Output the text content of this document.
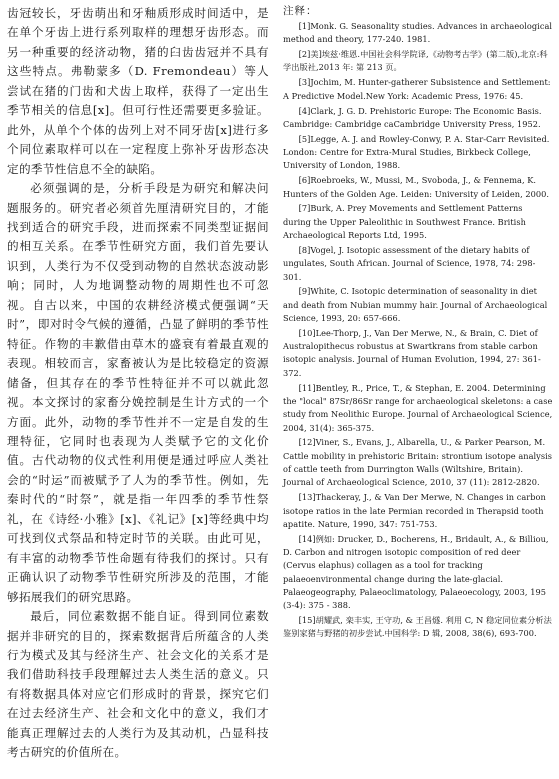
齿冠较长，牙齿萌出和牙釉质形成时间适中，是在单个牙齿上进行系列取样的理想牙齿形态。而另一种重要的经济动物，猪的臼齿齿冠并不具有这些特点。弗勒蒙多（D. Fremondeau）等人尝试在猪的门齿和犬齿上取样，获得了一定出生季节相关的信息[x]。但可行性还需要更多验证。此外，从单个个体的齿列上对不同牙齿[x]进行多个同位素取样可以在一定程度上弥补牙齿形态决定的季节性信息不全的缺陷。

必须强调的是，分析手段是为研究和解决问题服务的。研究者必须首先厘清研究目的，才能找到适合的研究手段，进而探索不同类型证据间的相互关系。在季节性研究方面，我们首先要认识到，人类行为不仅受到动物的自然状态波动影响；同时，人为地调整动物的周期性也不可忽视。自古以来，中国的农耕经济模式便强调“天时”，即对时令气候的遵循，凸显了鲜明的季节性特征。作物的丰歉借由草木的盛衰有着最直观的表现。相较而言，家畜被认为是比较稳定的资源储备，但其存在的季节性特征并不可以就此忽视。本文探讨的家畜分娩控制是生计方式的一个方面。此外，动物的季节性并不一定是自发的生理特征，它同时也表现为人类赋予它的文化价值。古代动物的仪式性利用便是通过呼应人类社会的“时运”而被赋予了人为的季节性。例如，先秦时代的“时祭”，就是指一年四季的季节性祭礼，在《诗经·小雅》[x]、《礼记》[x]等经典中均可找到仪式祭品和特定时节的关联。由此可见，有丰富的动物季节性命题有待我们的探讨。只有正确认识了动物季节性研究所涉及的范围，才能够拓展我们的研究思路。

最后，同位素数据不能自证。得到同位素数据并非研究的目的，探索数据背后所蕴含的人类行为模式及其与经济生产、社会文化的关系才是我们借助科技手段理解过去人类生活的意义。只有将数据具体对应它们形成时的背景，探究它们在过去经济生产、社会和文化中的意义，我们才能真正理解过去的人类行为及其动机，凸显科技考古研究的价值所在。

注释：

[1]Monk. G. Seasonality studies. Advances in archaeological method and theory, 177-240. 1981.

[2]美]埃兹·维恩.中国社会科学院译,《动物考古学》(第二版),北京:科学出版社,2013 年: 第 213 页。

[3]Jochim, M. Hunter-gatherer Subsistence and Settlement: A Predictive Model.New York: Academic Press, 1976: 45.

[4]Clark, J. G. D. Prehistoric Europe: The Economic Basis. Cambridge: Cambridge caCambridge University Press, 1952.

[5]Legge, A. J. and Rowley-Conwy, P. A. Star-Carr Revisited. London: Centre for Extra-Mural Studies, Birkbeck College, University of London, 1988.

[6]Roebroeks, W., Mussi, M., Svoboda, J., & Fennema, K. Hunters of the Golden Age. Leiden: University of Leiden, 2000.

[7]Burk, A. Prey Movements and Settlement Patterns during the Upper Paleolithic in Southwest France. British Archaeological Reports Ltd, 1995.

[8]Vogel, J. Isotopic assessment of the dietary habits of ungulates, South African. Journal of Science, 1978, 74: 298-301.

[9]White, C. Isotopic determination of seasonality in diet and death from Nubian mummy hair. Journal of Archaeological Science, 1993, 20: 657-666.

[10]Lee-Thorp, J., Van Der Merwe, N., & Brain, C. Diet of Australopithecus robustus at Swartkrans from stable carbon isotopic analysis. Journal of Human Evolution, 1994, 27: 361-372.

[11]Bentley, R., Price, T., & Stephan, E. 2004. Determining the "local" 87Sr/86Sr range for archaeological skeletons: a case study from Neolithic Europe. Journal of Archaeological Science, 2004, 31(4): 365-375.

[12]Viner, S., Evans, J., Albarella, U., & Parker Pearson, M. Cattle mobility in prehistoric Britain: strontium isotope analysis of cattle teeth from Durrington Walls (Wiltshire, Britain). Journal of Archaeological Science, 2010, 37 (11): 2812-2820.

[13]Thackeray, J., & Van Der Merwe, N. Changes in carbon isotope ratios in the late Permian recorded in Therapsid tooth apatite. Nature, 1990, 347: 751-753.

[14]例如: Drucker, D., Bocherens, H., Bridault, A., & Billiou, D. Carbon and nitrogen isotopic composition of red deer (Cervus elaphus) collagen as a tool for tracking palaeoenvironmental change during the late-glacial. Palaeogeography, Palaeoclimatology, Palaeoecology, 2003, 195 (3-4): 375 - 388.

[15]胡耀武, 栾丰实, 王守功, & 王昌燧. 利用 C, N 稳定同位素分析法鉴别家猪与野猪的初步尝试.中国科学: D 辑, 2008, 38(6), 693-700.
